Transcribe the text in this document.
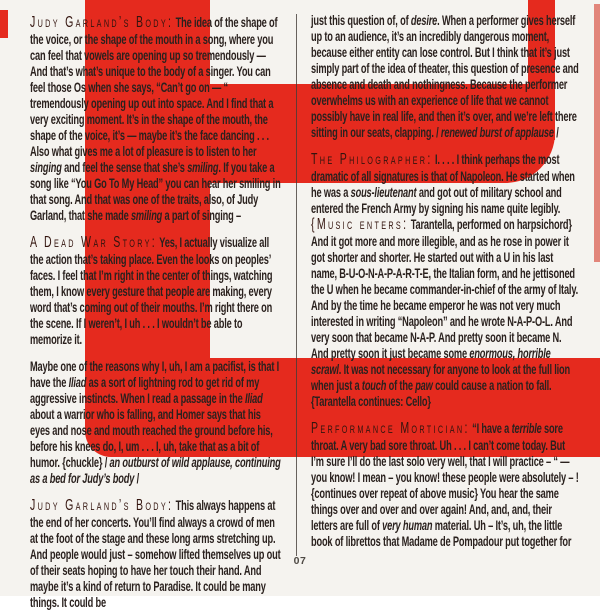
Judy Garland’s Body: The idea of the shape of the voice, or the shape of the mouth in a song, where you can feel that vowels are opening up so tremendously — And that’s what’s unique to the body of a singer. You can feel those Os when she says, “Can’t go on — “ tremendously opening up out into space. And I find that a very exciting moment. It’s in the shape of the mouth, the shape of the voice, it’s — maybe it’s the face dancing . . . Also what gives me a lot of pleasure is to listen to her singing and feel the sense that she’s smiling. If you take a song like “You Go To My Head” you can hear her smiling in that song. And that was one of the traits, also, of Judy Garland, that she made smiling a part of singing –

A Dead War Story: Yes, I actually visualize all the action that’s taking place. Even the looks on peoples’ faces. I feel that I’m right in the center of things, watching them, I know every gesture that people are making, every word that’s coming out of their mouths. I’m right there on the scene. If I weren’t, I uh . . . I wouldn’t be able to memorize it.

Maybe one of the reasons why I, uh, I am a pacifist, is that I have the Iliad as a sort of lightning rod to get rid of my aggressive instincts. When I read a passage in the Iliad about a warrior who is falling, and Homer says that his eyes and nose and mouth reached the ground before his, before his knees do, I, um . . . I, uh, take that as a bit of humor. {chuckle} / an outburst of wild applause, continuing as a bed for Judy’s body /

Judy Garland’s Body: This always happens at the end of her concerts. You’ll find always a crowd of men at the foot of the stage and these long arms stretching up. And people would just – somehow lifted themselves up out of their seats hoping to have her touch their hand. And maybe it’s a kind of return to Paradise. It could be many things. It could be

just this question of, of desire. When a performer gives herself up to an audience, it’s an incredibly dangerous moment, because either entity can lose control. But I think that it’s just simply part of the idea of theater, this question of presence and absence and death and nothingness. Because the performer overwhelms us with an experience of life that we cannot possibly have in real life, and then it’s over, and we’re left there sitting in our seats, clapping. / renewed burst of applause /

The Philographer: I. . . . I think perhaps the most dramatic of all signatures is that of Napoleon. He started when he was a sous-lieutenant and got out of military school and entered the French Army by signing his name quite legibly. {Music enters: Tarantella, performed on harpsichord} And it got more and more illegible, and as he rose in power it got shorter and shorter. He started out with a U in his last name, B-U-O-N-A-P-A-R-T-E, the Italian form, and he jettisoned the U when he became commander-in-chief of the army of Italy. And by the time he became emperor he was not very much interested in writing “Napoleon” and he wrote N-A-P-O-L. And very soon that became N-A-P. And pretty soon it became N. And pretty soon it just became some enormous, horrible scrawl. It was not necessary for anyone to look at the full lion when just a touch of the paw could cause a nation to fall. {Tarantella continues: Cello}

Performance Mortician: “I have a terrible sore throat. A very bad sore throat. Uh . . . I can’t come today. But I’m sure I’ll do the last solo very well, that I will practice – “ — you know! I mean – you know! these people were absolutely – ! {continues over repeat of above music} You hear the same things over and over and over again! And, and, and, their letters are full of very human material. Uh – It’s, uh, the little book of librettos that Madame de Pompadour put together for

07
